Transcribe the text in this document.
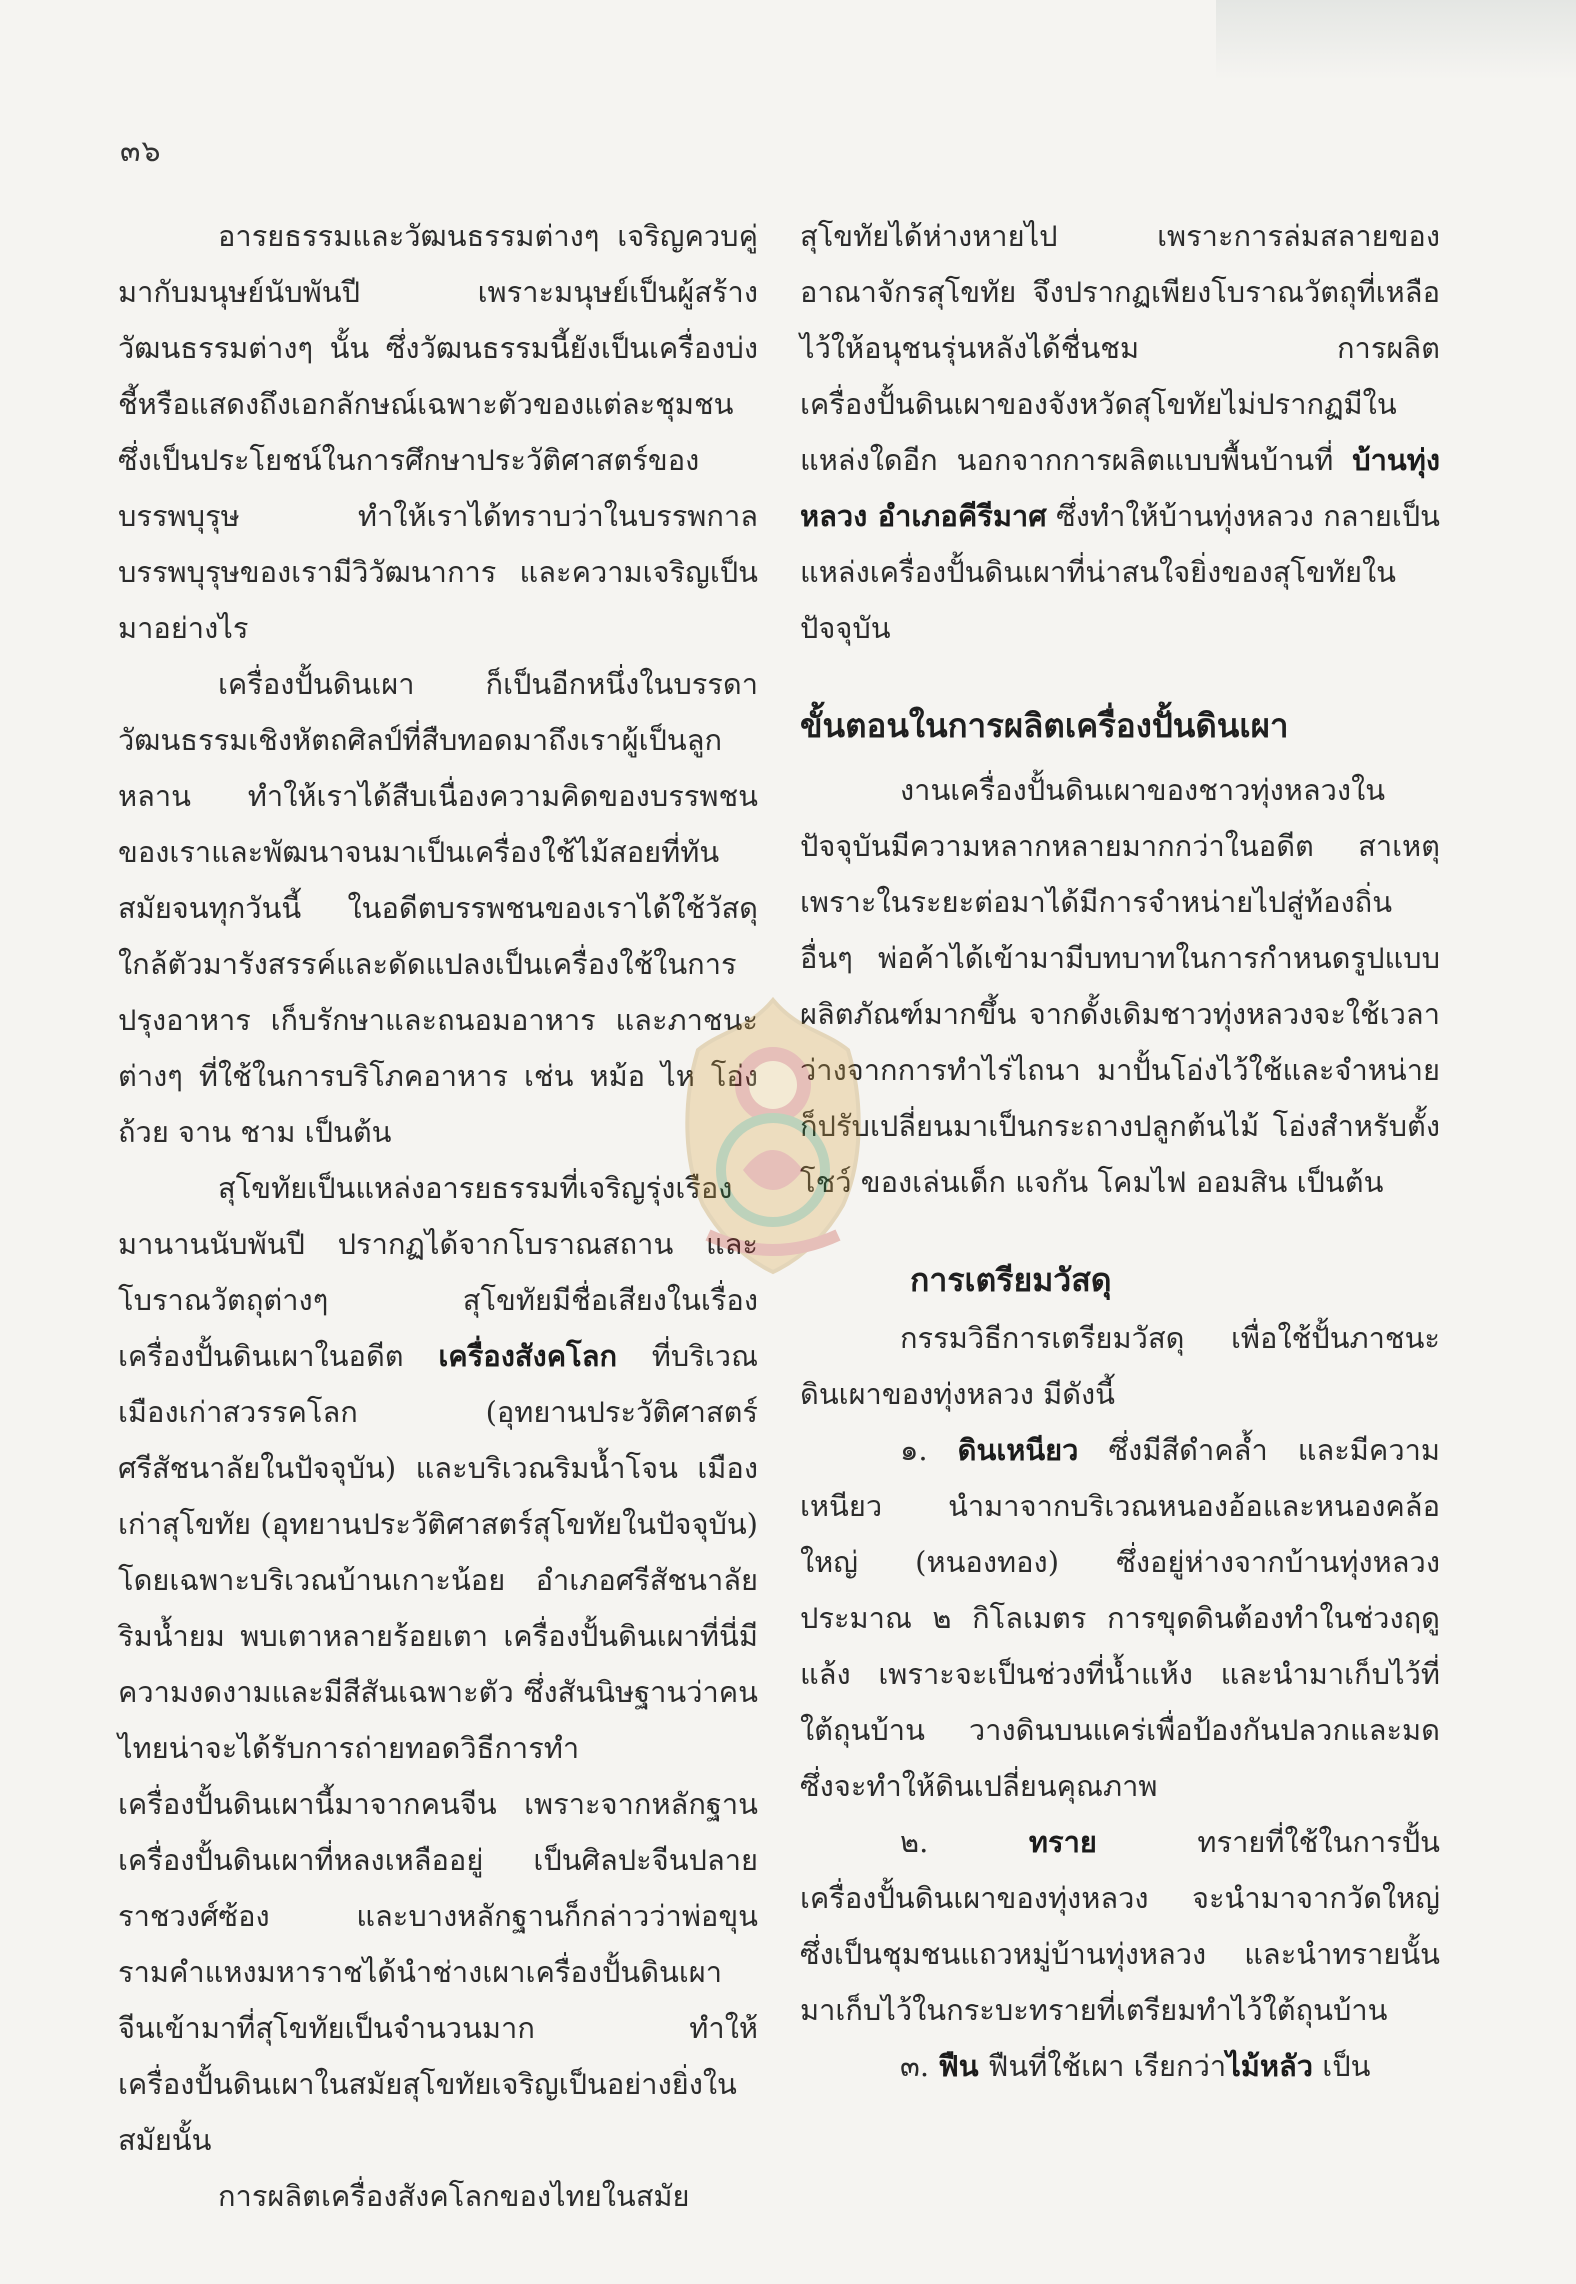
๓๖

อารยธรรมและวัฒนธรรมต่างๆ เจริญควบคู่มากับมนุษย์นับพันปี เพราะมนุษย์เป็นผู้สร้างวัฒนธรรมต่างๆ นั้น ซึ่งวัฒนธรรมนี้ยังเป็นเครื่องบ่งชี้หรือแสดงถึงเอกลักษณ์เฉพาะตัวของแต่ละชุมชน ซึ่งเป็นประโยชน์ในการศึกษาประวัติศาสตร์ของบรรพบุรุษ ทำให้เราได้ทราบว่าในบรรพกาลบรรพบุรุษของเรามีวิวัฒนาการ และความเจริญเป็นมาอย่างไร

เครื่องปั้นดินเผา ก็เป็นอีกหนึ่งในบรรดาวัฒนธรรมเชิงหัตถศิลป์ที่สืบทอดมาถึงเราผู้เป็นลูกหลาน ทำให้เราได้สืบเนื่องความคิดของบรรพชนของเราและพัฒนาจนมาเป็นเครื่องใช้ไม้สอยที่ทันสมัยจนทุกวันนี้ ในอดีตบรรพชนของเราได้ใช้วัสดุใกล้ตัวมารังสรรค์และดัดแปลงเป็นเครื่องใช้ในการปรุงอาหาร เก็บรักษาและถนอมอาหาร และภาชนะต่างๆ ที่ใช้ในการบริโภคอาหาร เช่น หม้อ ไห โอ่ง ถ้วย จาน ชาม เป็นต้น

สุโขทัยเป็นแหล่งอารยธรรมที่เจริญรุ่งเรืองมานานนับพันปี ปรากฏได้จากโบราณสถาน และโบราณวัตถุต่างๆ สุโขทัยมีชื่อเสียงในเรื่องเครื่องปั้นดินเผาในอดีต เครื่องสังคโลก ที่บริเวณเมืองเก่าสวรรคโลก (อุทยานประวัติศาสตร์ศรีสัชนาลัยในปัจจุบัน) และบริเวณริมน้ำโจน เมืองเก่าสุโขทัย (อุทยานประวัติศาสตร์สุโขทัยในปัจจุบัน) โดยเฉพาะบริเวณบ้านเกาะน้อย อำเภอศรีสัชนาลัย ริมน้ำยม พบเตาหลายร้อยเตา เครื่องปั้นดินเผาที่นี่มีความงดงามและมีสีสันเฉพาะตัว ซึ่งสันนิษฐานว่าคนไทยน่าจะได้รับการถ่ายทอดวิธีการทำเครื่องปั้นดินเผานี้มาจากคนจีน เพราะจากหลักฐานเครื่องปั้นดินเผาที่หลงเหลืออยู่ เป็นศิลปะจีนปลายราชวงศ์ซ้อง และบางหลักฐานก็กล่าวว่าพ่อขุนรามคำแหงมหาราชได้นำช่างเผาเครื่องปั้นดินเผาจีนเข้ามาที่สุโขทัยเป็นจำนวนมาก ทำให้เครื่องปั้นดินเผาในสมัยสุโขทัยเจริญเป็นอย่างยิ่งในสมัยนั้น

การผลิตเครื่องสังคโลกของไทยในสมัย

สุโขทัยได้ห่างหายไป เพราะการล่มสลายของอาณาจักรสุโขทัย จึงปรากฏเพียงโบราณวัตถุที่เหลือไว้ให้อนุชนรุ่นหลังได้ชื่นชม การผลิตเครื่องปั้นดินเผาของจังหวัดสุโขทัยไม่ปรากฏมีในแหล่งใดอีก นอกจากการผลิตแบบพื้นบ้านที่ บ้านทุ่งหลวง อำเภอคีรีมาศ ซึ่งทำให้บ้านทุ่งหลวง กลายเป็นแหล่งเครื่องปั้นดินเผาที่น่าสนใจยิ่งของสุโขทัยในปัจจุบัน

ขั้นตอนในการผลิตเครื่องปั้นดินเผา

งานเครื่องปั้นดินเผาของชาวทุ่งหลวงในปัจจุบันมีความหลากหลายมากกว่าในอดีต สาเหตุเพราะในระยะต่อมาได้มีการจำหน่ายไปสู่ท้องถิ่นอื่นๆ พ่อค้าได้เข้ามามีบทบาทในการกำหนดรูปแบบผลิตภัณฑ์มากขึ้น จากดั้งเดิมชาวทุ่งหลวงจะใช้เวลาว่างจากการทำไร่ไถนา มาปั้นโอ่งไว้ใช้และจำหน่าย ก็ปรับเปลี่ยนมาเป็นกระถางปลูกต้นไม้ โอ่งสำหรับตั้งโชว์ ของเล่นเด็ก แจกัน โคมไฟ ออมสิน เป็นต้น

การเตรียมวัสดุ

กรรมวิธีการเตรียมวัสดุ เพื่อใช้ปั้นภาชนะดินเผาของทุ่งหลวง มีดังนี้

๑. ดินเหนียว ซึ่งมีสีดำคล้ำ และมีความเหนียว นำมาจากบริเวณหนองอ้อและหนองคล้อใหญ่ (หนองทอง) ซึ่งอยู่ห่างจากบ้านทุ่งหลวงประมาณ ๒ กิโลเมตร การขุดดินต้องทำในช่วงฤดูแล้ง เพราะจะเป็นช่วงที่น้ำแห้ง และนำมาเก็บไว้ที่ใต้ถุนบ้าน วางดินบนแคร่เพื่อป้องกันปลวกและมด ซึ่งจะทำให้ดินเปลี่ยนคุณภาพ

๒.	ทราย ทรายที่ใช้ในการปั้นเครื่องปั้นดินเผาของทุ่งหลวง จะนำมาจากวัดใหญ่ ซึ่งเป็นชุมชนแถวหมู่บ้านทุ่งหลวง และนำทรายนั้นมาเก็บไว้ในกระบะทรายที่เตรียมทำไว้ใต้ถุนบ้าน

๓. ฟืน ฟืนที่ใช้เผา เรียกว่าไม้หลัว เป็น
